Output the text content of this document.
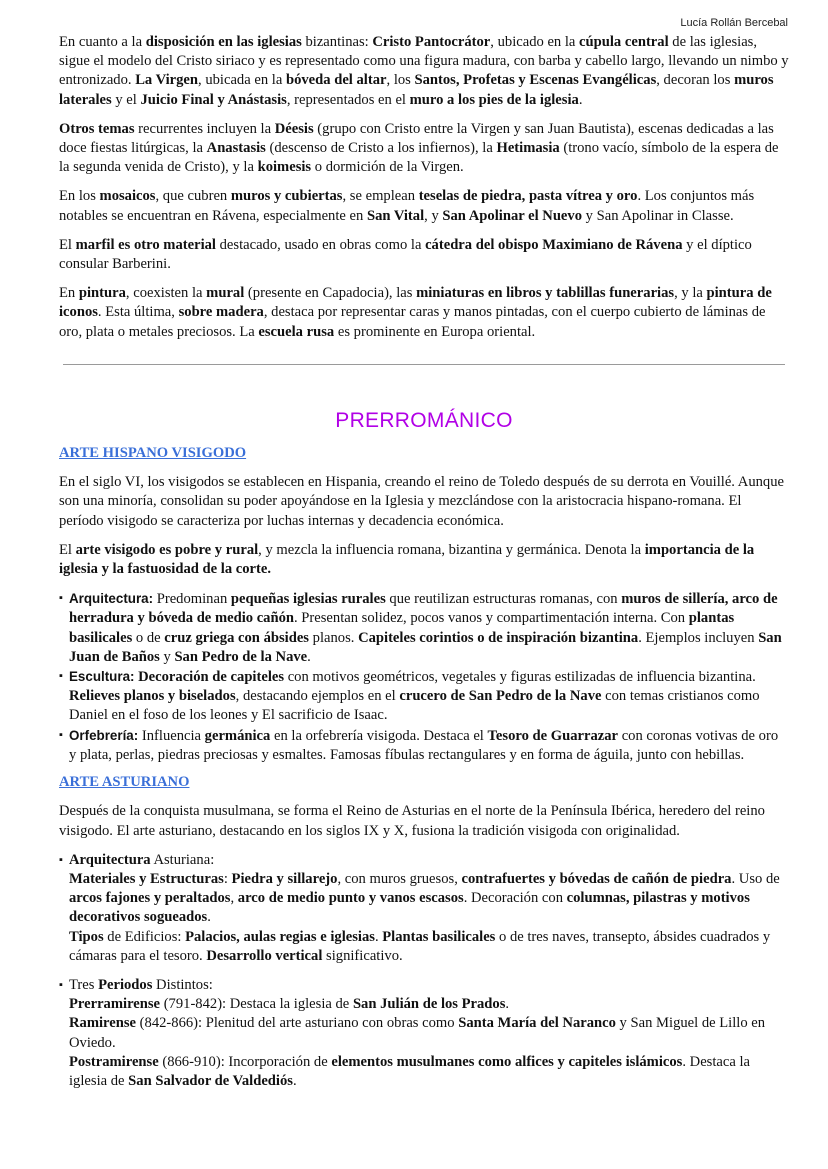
Lucía Rollán Bercebal

En cuanto a la disposición en las iglesias bizantinas: Cristo Pantocrátor, ubicado en la cúpula central de las iglesias, sigue el modelo del Cristo siriaco y es representado como una figura madura, con barba y cabello largo, llevando un nimbo y entronizado. La Virgen, ubicada en la bóveda del altar, los Santos, Profetas y Escenas Evangélicas, decoran los muros laterales y el Juicio Final y Anástasis, representados en el muro a los pies de la iglesia.

Otros temas recurrentes incluyen la Déesis (grupo con Cristo entre la Virgen y san Juan Bautista), escenas dedicadas a las doce fiestas litúrgicas, la Anastasis (descenso de Cristo a los infiernos), la Hetimasia (trono vacío, símbolo de la espera de la segunda venida de Cristo), y la koimesis o dormición de la Virgen.

En los mosaicos, que cubren muros y cubiertas, se emplean teselas de piedra, pasta vítrea y oro. Los conjuntos más notables se encuentran en Rávena, especialmente en San Vital, y San Apolinar el Nuevo y San Apolinar in Classe.

El marfil es otro material destacado, usado en obras como la cátedra del obispo Maximiano de Rávena y el díptico consular Barberini.

En pintura, coexisten la mural (presente en Capadocia), las miniaturas en libros y tablillas funerarias, y la pintura de iconos. Esta última, sobre madera, destaca por representar caras y manos pintadas, con el cuerpo cubierto de láminas de oro, plata o metales preciosos. La escuela rusa es prominente en Europa oriental.

PRERROMÁNICO
ARTE HISPANO VISIGODO

En el siglo VI, los visigodos se establecen en Hispania, creando el reino de Toledo después de su derrota en Vouillé. Aunque son una minoría, consolidan su poder apoyándose en la Iglesia y mezclándose con la aristocracia hispano-romana. El período visigodo se caracteriza por luchas internas y decadencia económica.

El arte visigodo es pobre y rural, y mezcla la influencia romana, bizantina y germánica. Denota la importancia de la iglesia y la fastuosidad de la corte.

▪ Arquitectura: Predominan pequeñas iglesias rurales que reutilizan estructuras romanas, con muros de sillería, arco de herradura y bóveda de medio cañón. Presentan solidez, pocos vanos y compartimentación interna. Con plantas basilicales o de cruz griega con ábsides planos. Capiteles corintios o de inspiración bizantina. Ejemplos incluyen San Juan de Baños y San Pedro de la Nave.
▪ Escultura: Decoración de capiteles con motivos geométricos, vegetales y figuras estilizadas de influencia bizantina. Relieves planos y biselados, destacando ejemplos en el crucero de San Pedro de la Nave con temas cristianos como Daniel en el foso de los leones y El sacrificio de Isaac.
▪ Orfebrería: Influencia germánica en la orfebrería visigoda. Destaca el Tesoro de Guarrazar con coronas votivas de oro y plata, perlas, piedras preciosas y esmaltes. Famosas fíbulas rectangulares y en forma de águila, junto con hebillas.
ARTE ASTURIANO

Después de la conquista musulmana, se forma el Reino de Asturias en el norte de la Península Ibérica, heredero del reino visigodo. El arte asturiano, destacando en los siglos IX y X, fusiona la tradición visigoda con originalidad.

▪ Arquitectura Asturiana:
Materiales y Estructuras: Piedra y sillarejo, con muros gruesos, contrafuertes y bóvedas de cañón de piedra. Uso de arcos fajones y peraltados, arco de medio punto y vanos escasos. Decoración con columnas, pilastras y motivos decorativos sogueados.
Tipos de Edificios: Palacios, aulas regias e iglesias. Plantas basilicales o de tres naves, transepto, ábsides cuadrados y cámaras para el tesoro. Desarrollo vertical significativo.
▪ Tres Periodos Distintos:
Prerramirense (791-842): Destaca la iglesia de San Julián de los Prados.
Ramirense (842-866): Plenitud del arte asturiano con obras como Santa María del Naranco y San Miguel de Lillo en Oviedo.
Postramirense (866-910): Incorporación de elementos musulmanes como alfices y capiteles islámicos. Destaca la iglesia de San Salvador de Valdediós.
